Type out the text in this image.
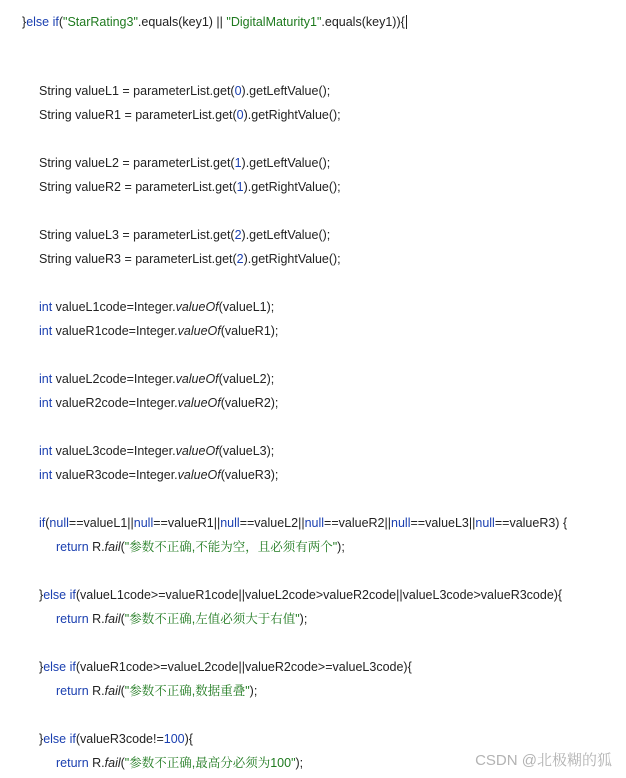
}else if("StarRating3".equals(key1) || "DigitalMaturity1".equals(key1)){
String valueL1 = parameterList.get(0).getLeftValue();
String valueR1 = parameterList.get(0).getRightValue();
String valueL2 = parameterList.get(1).getLeftValue();
String valueR2 = parameterList.get(1).getRightValue();
String valueL3 = parameterList.get(2).getLeftValue();
String valueR3 = parameterList.get(2).getRightValue();
int valueL1code=Integer.valueOf(valueL1);
int valueR1code=Integer.valueOf(valueR1);
int valueL2code=Integer.valueOf(valueL2);
int valueR2code=Integer.valueOf(valueR2);
int valueL3code=Integer.valueOf(valueL3);
int valueR3code=Integer.valueOf(valueR3);
if(null==valueL1||null==valueR1||null==valueL2||null==valueR2||null==valueL3||null==valueR3) {
return R.fail("参数不正确,不能为空，且必须有两个");
}else if(valueL1code>=valueR1code||valueL2code>valueR2code||valueL3code>valueR3code){
return R.fail("参数不正确,左值必须大于右值");
}else if(valueR1code>=valueL2code||valueR2code>=valueL3code){
return R.fail("参数不正确,数据重叠");
}else if(valueR3code!=100){
return R.fail("参数不正确,最高分必须为100");	CSDN @北极糊的狐
